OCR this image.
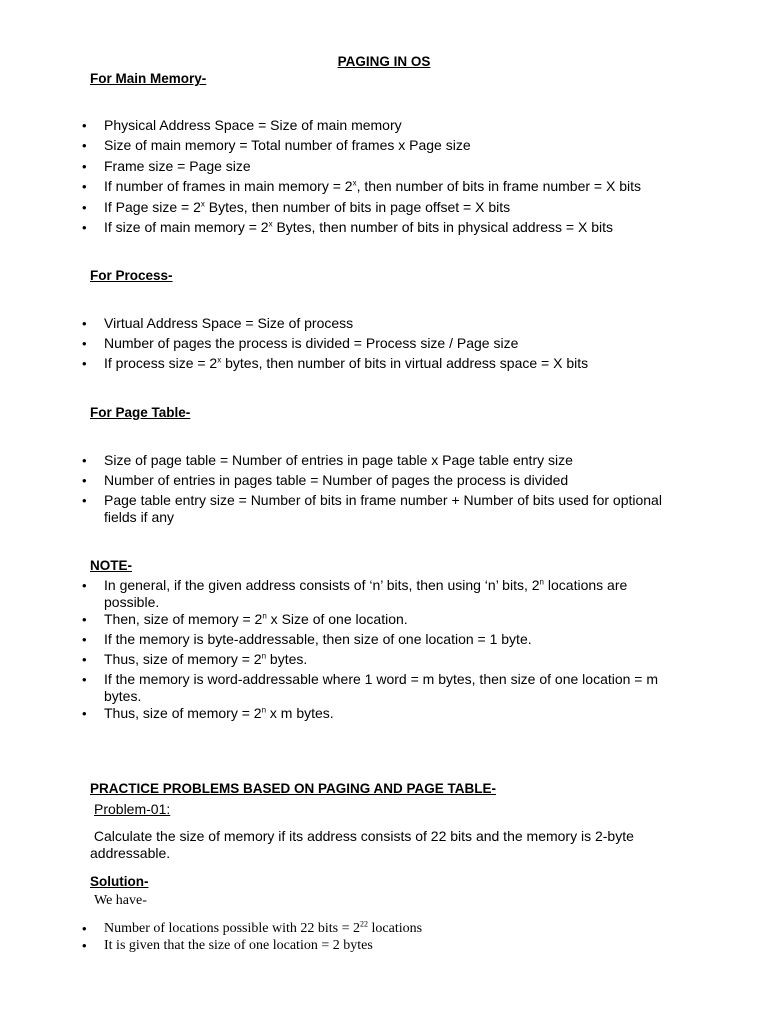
PAGING IN OS
For Main Memory-
• Physical Address Space = Size of main memory
• Size of main memory = Total number of frames x Page size
• Frame size = Page size
• If number of frames in main memory = $2^x$, then number of bits in frame number = X bits
• If Page size = $2^x$ Bytes, then number of bits in page offset = X bits
• If size of main memory = $2^x$ Bytes, then number of bits in physical address = X bits
For Process-
• Virtual Address Space = Size of process
• Number of pages the process is divided = Process size / Page size
• If process size = $2^x$ bytes, then number of bits in virtual address space = X bits
For Page Table-
• Size of page table = Number of entries in page table x Page table entry size
• Number of entries in pages table = Number of pages the process is divided
• Page table entry size = Number of bits in frame number + Number of bits used for optional fields if any
NOTE-
• In general, if the given address consists of ‘n’ bits, then using ‘n’ bits, 2$^n$ locations are possible.
• Then, size of memory = $2^n$ x Size of one location.
• If the memory is byte-addressable, then size of one location = 1 byte.
• Thus, size of memory = $2^n$ bytes.
• If the memory is word-addressable where 1 word = m bytes, then size of one location = m bytes.
• Thus, size of memory = $2^n$ x m bytes.
PRACTICE PROBLEMS BASED ON PAGING AND PAGE TABLE-
Problem-01:
Calculate the size of memory if its address consists of 22 bits and the memory is 2-byte addressable.
Solution-
We have-
• Number of locations possible with 22 bits = $2^{22}$ locations
• It is given that the size of one location = 2 bytes
